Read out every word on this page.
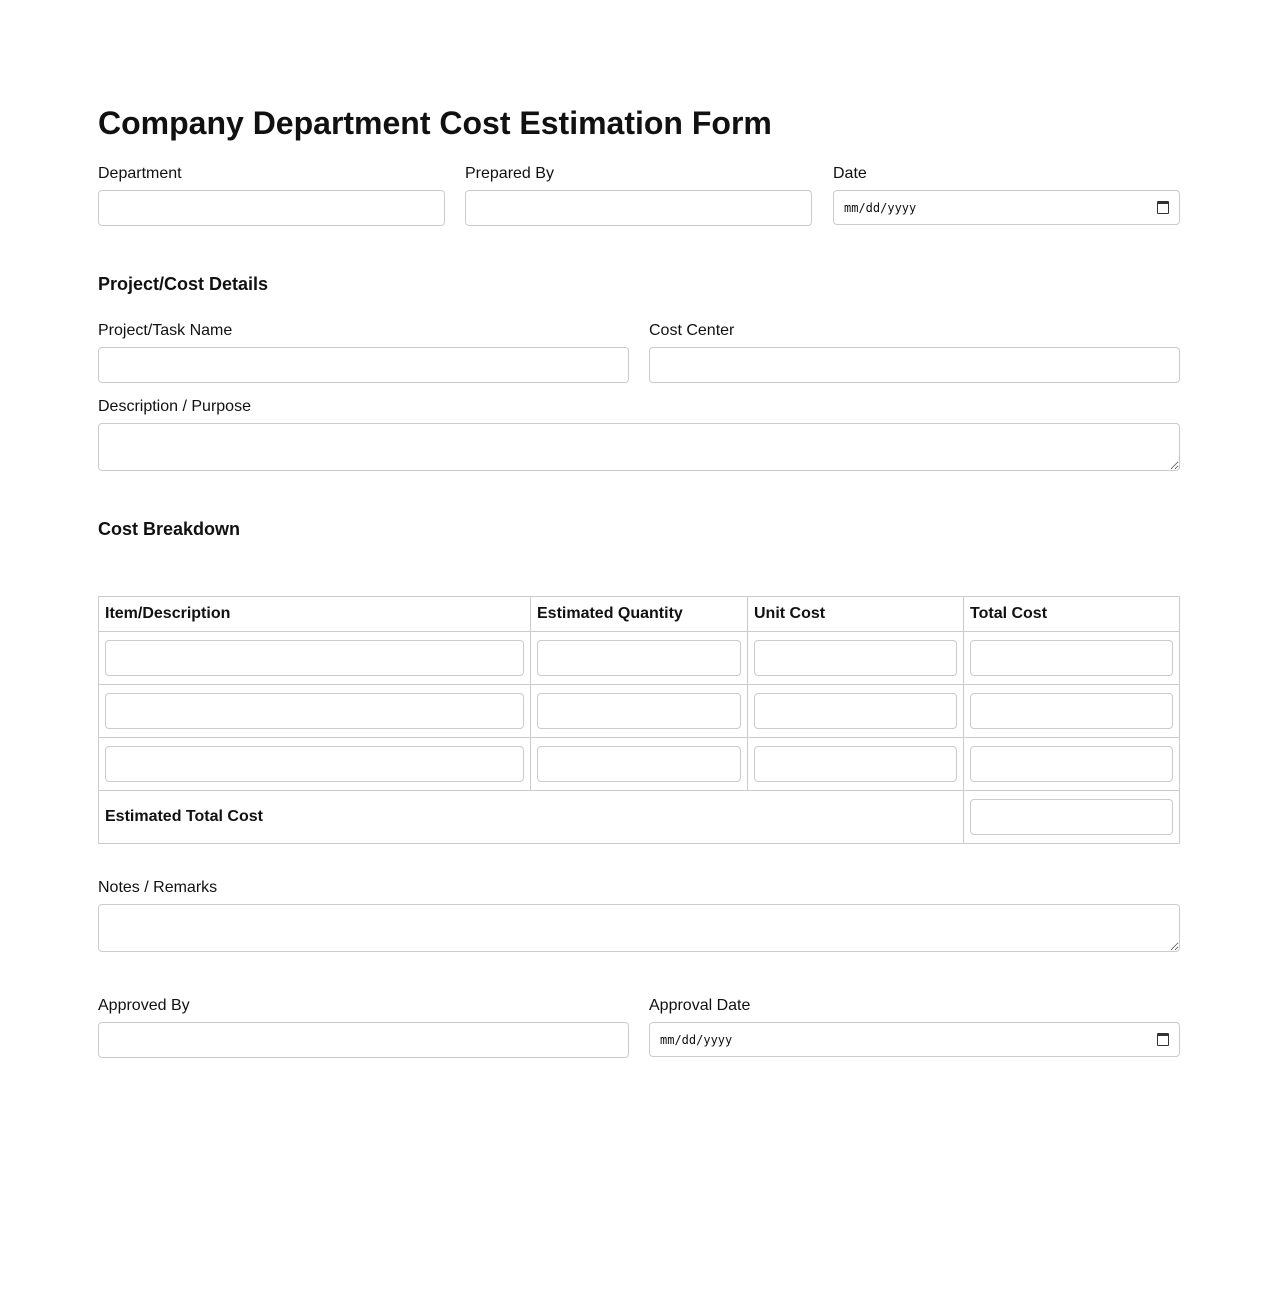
Company Department Cost Estimation Form
Department	Prepared By	Date
mm/dd/yyyy
Project/Cost Details
Project/Task Name	Cost Center
Description / Purpose
Cost Breakdown
Item/Description	Estimated Quantity	Unit Cost	Total Cost

Estimated Total Cost	
Notes / Remarks
Approved By	Approval Date
mm/dd/yyyy
